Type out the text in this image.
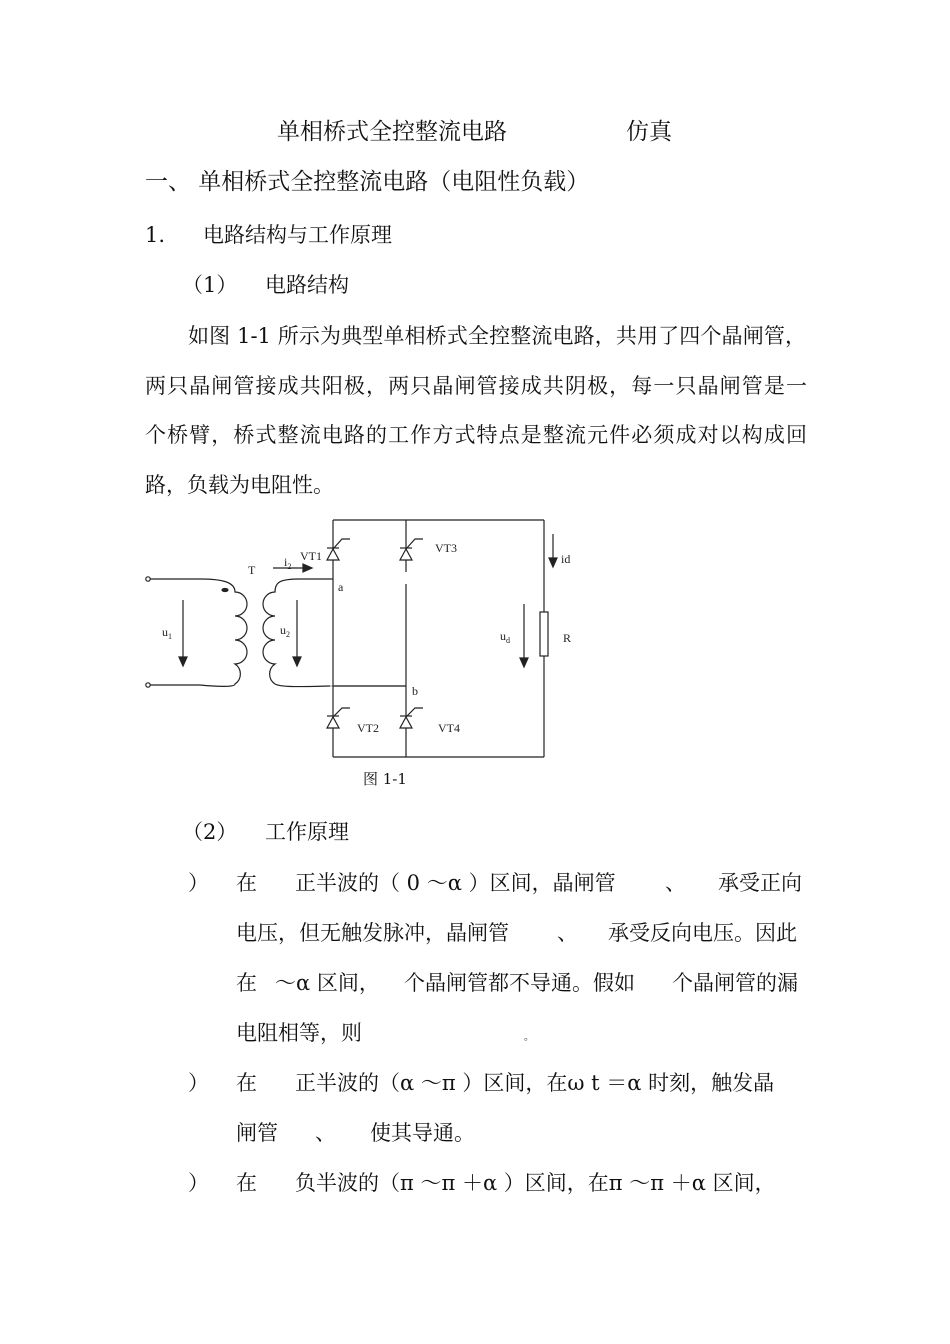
单相桥式全控整流电路	仿真
一、 单相桥式全控整流电路（电阻性负载）
1. 电路结构与工作原理
（1） 电路结构
如图 1-1 所示为典型单相桥式全控整流电路，共用了四个晶闸管，
两只晶闸管接成共阳极，两只晶闸管接成共阴极，每一只晶闸管是一
个桥臂，桥式整流电路的工作方式特点是整流元件必须成对以构成回
路，负载为电阻性。
VT1
VT3
VT2	VT4
T
$i_2$
$u_1$	$u_2$	$u_d$
id
R
a
b
图 1-1
（2） 工作原理
） 在 正半波的（ 0 ～α ）区间，晶闸管 、 承受正向
电压，但无触发脉冲，晶闸管 、 承受反向电压。因此
在 ～α 区间， 个晶闸管都不导通。假如 个晶闸管的漏
电阻相等，则	。
） 在 正半波的（α ～π ）区间，在ω t ＝α 时刻，触发晶
闸管 、 使其导通。
） 在 负半波的（π ～π ＋α ）区间，在π ～π ＋α 区间，
